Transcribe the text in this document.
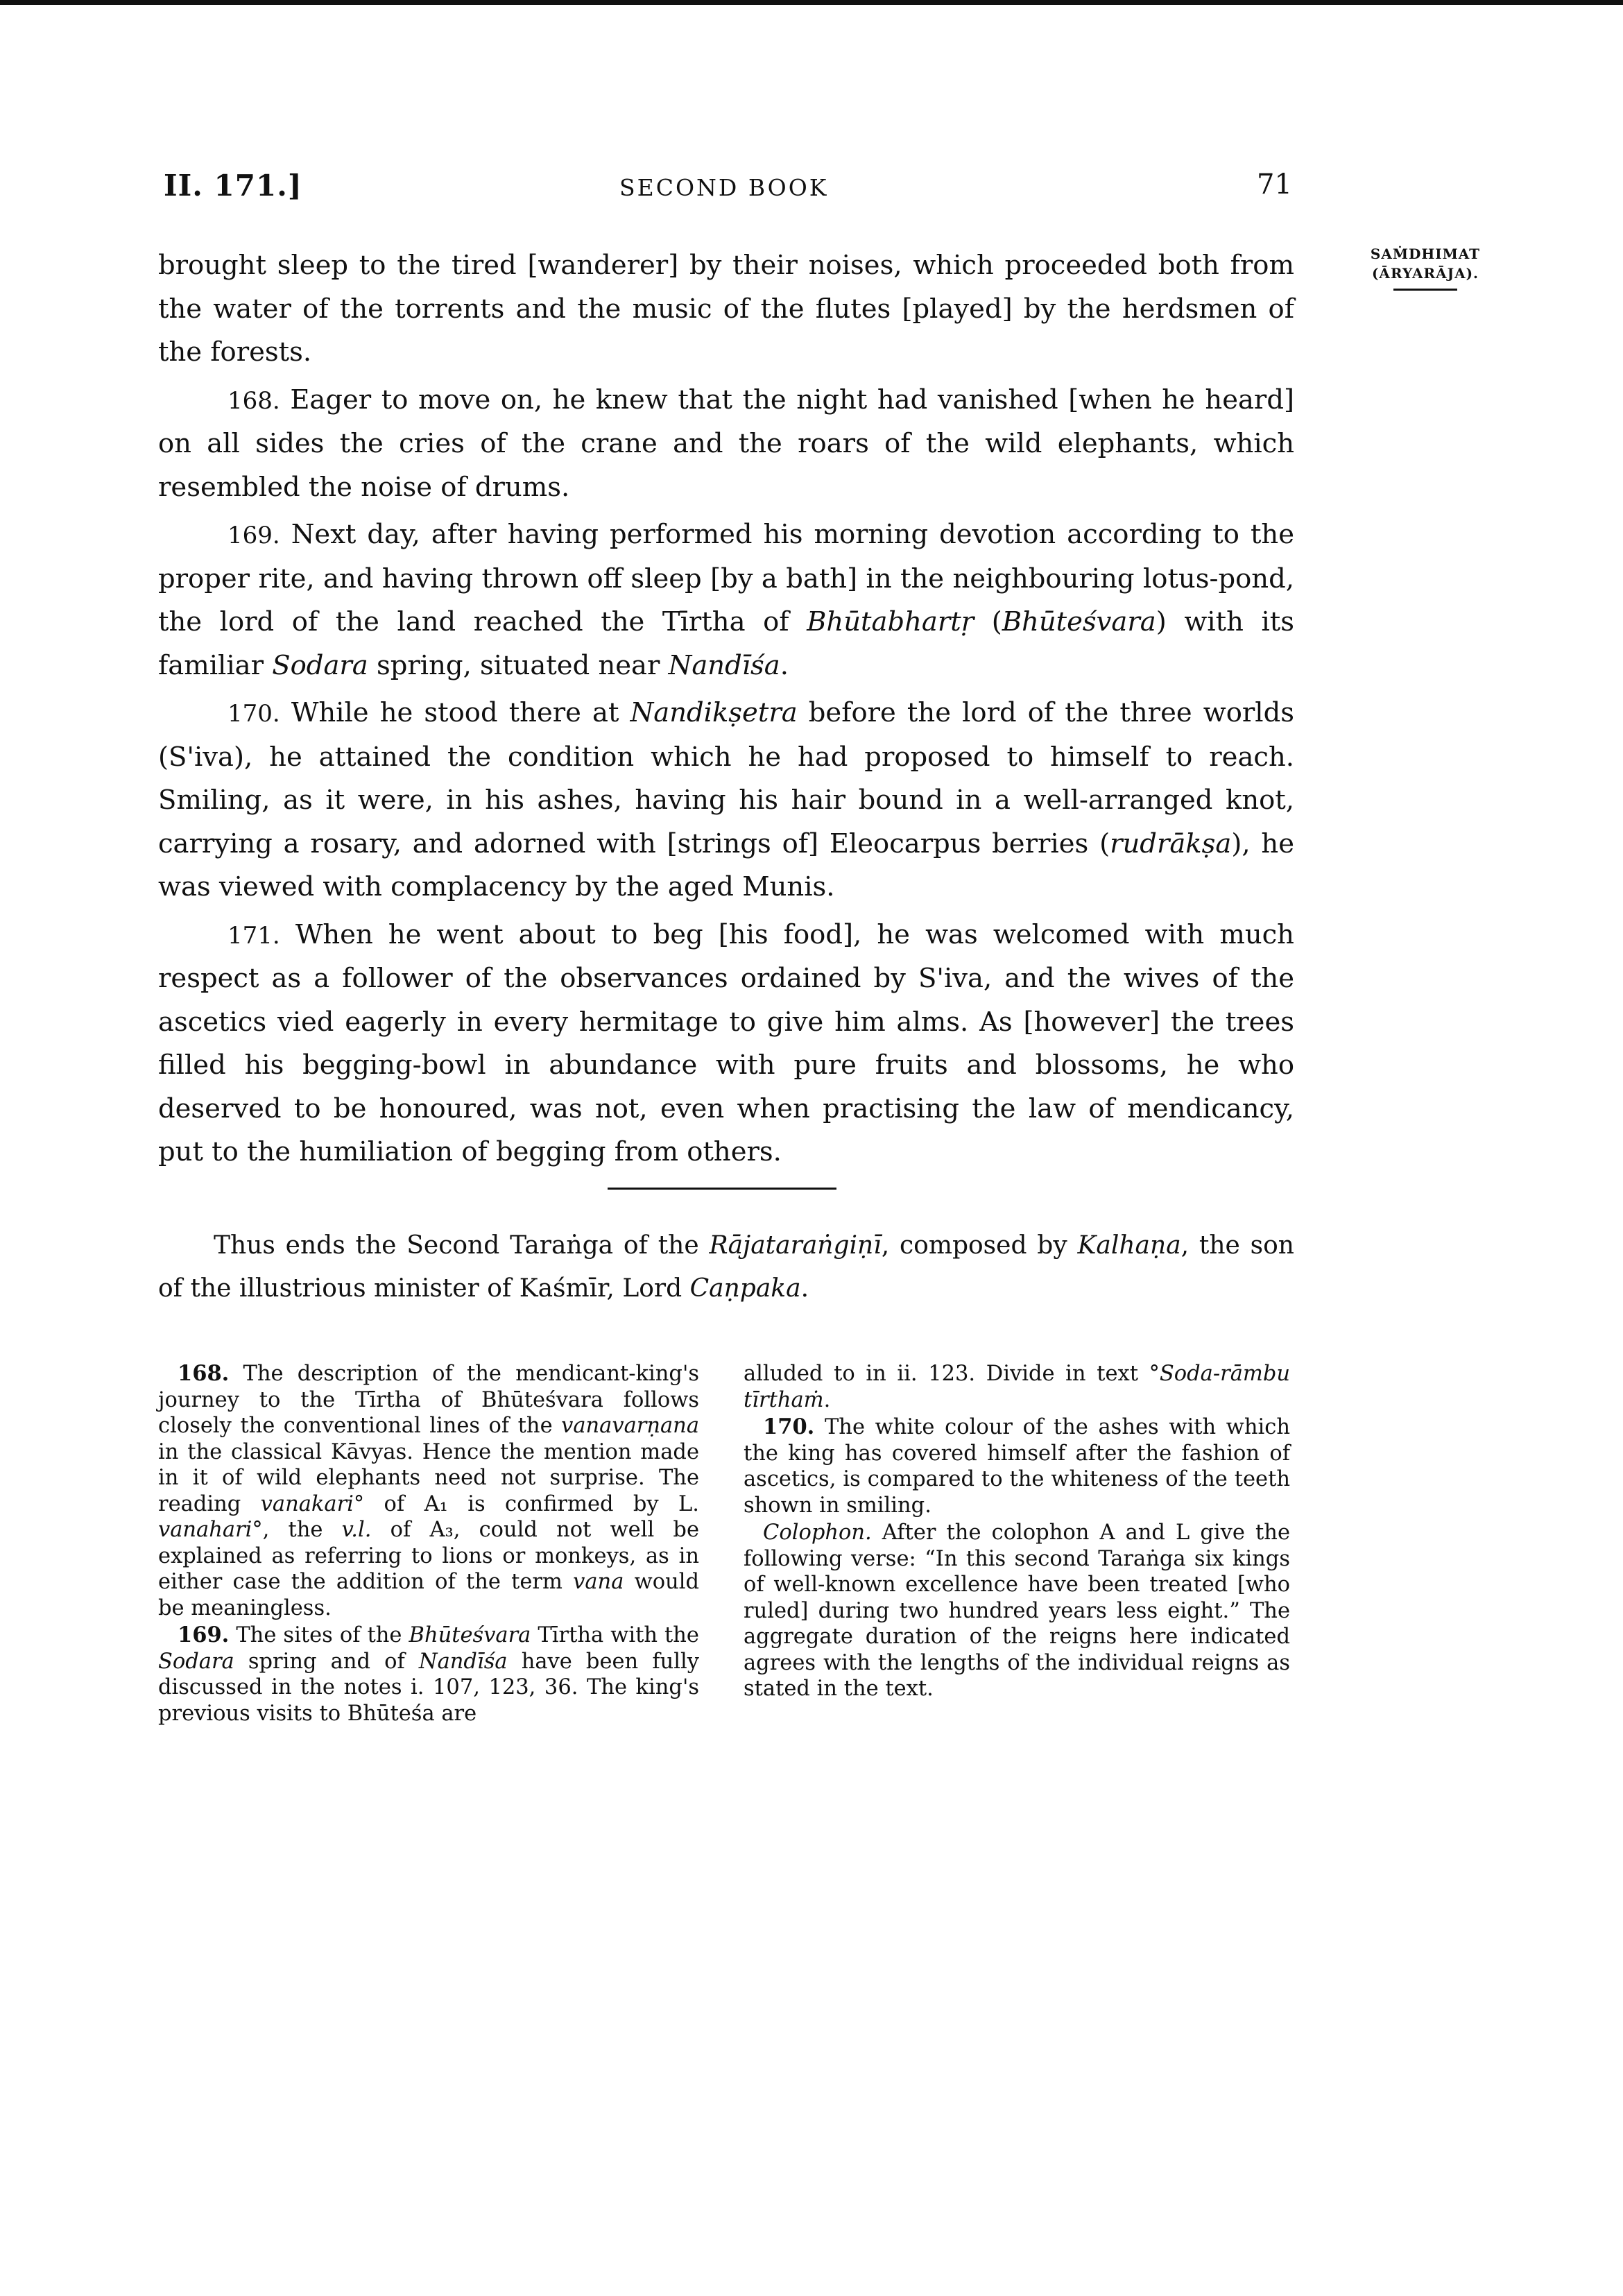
II. 171.]	SECOND BOOK	71
SAṀDHIMAT
(ĀRYARĀJA).

brought sleep to the tired [wanderer] by their noises, which proceeded both from the water of the torrents and the music of the flutes [played] by the herdsmen of the forests.

168. Eager to move on, he knew that the night had vanished [when he heard] on all sides the cries of the crane and the roars of the wild elephants, which resembled the noise of drums.

169. Next day, after having performed his morning devotion according to the proper rite, and having thrown off sleep [by a bath] in the neighbouring lotus-pond, the lord of the land reached the Tīrtha of Bhūtabhartṛ (Bhūteśvara) with its familiar Sodara spring, situated near Nandīśa.

170. While he stood there at Nandikṣetra before the lord of the three worlds (S'iva), he attained the condition which he had proposed to himself to reach. Smiling, as it were, in his ashes, having his hair bound in a well-arranged knot, carrying a rosary, and adorned with [strings of] Eleocarpus berries (rudrākṣa), he was viewed with complacency by the aged Munis.

171. When he went about to beg [his food], he was welcomed with much respect as a follower of the observances ordained by S'iva, and the wives of the ascetics vied eagerly in every hermitage to give him alms. As [however] the trees filled his begging-bowl in abundance with pure fruits and blossoms, he who deserved to be honoured, was not, even when practising the law of mendicancy, put to the humiliation of begging from others.

Thus ends the Second Taraṅga of the Rājataraṅgiṇī, composed by Kalhaṇa, the son of the illustrious minister of Kaśmīr, Lord Caṇpaka.

168. The description of the mendicant-king's journey to the Tīrtha of Bhūteśvara follows closely the conventional lines of the vanavarṇana in the classical Kāvyas. Hence the mention made in it of wild elephants need not surprise. The reading vanakari° of A₁ is confirmed by L. vanahari°, the v.l. of A₃, could not well be explained as referring to lions or monkeys, as in either case the addition of the term vana would be meaningless.

169. The sites of the Bhūteśvara Tīrtha with the Sodara spring and of Nandīśa have been fully discussed in the notes i. 107, 123, 36. The king's previous visits to Bhūteśa are

alluded to in ii. 123. Divide in text °Soda-rāmbu tīrthaṁ.

170. The white colour of the ashes with which the king has covered himself after the fashion of ascetics, is compared to the whiteness of the teeth shown in smiling.

Colophon. After the colophon A and L give the following verse: “In this second Taraṅga six kings of well-known excellence have been treated [who ruled] during two hundred years less eight.” The aggregate duration of the reigns here indicated agrees with the lengths of the individual reigns as stated in the text.
